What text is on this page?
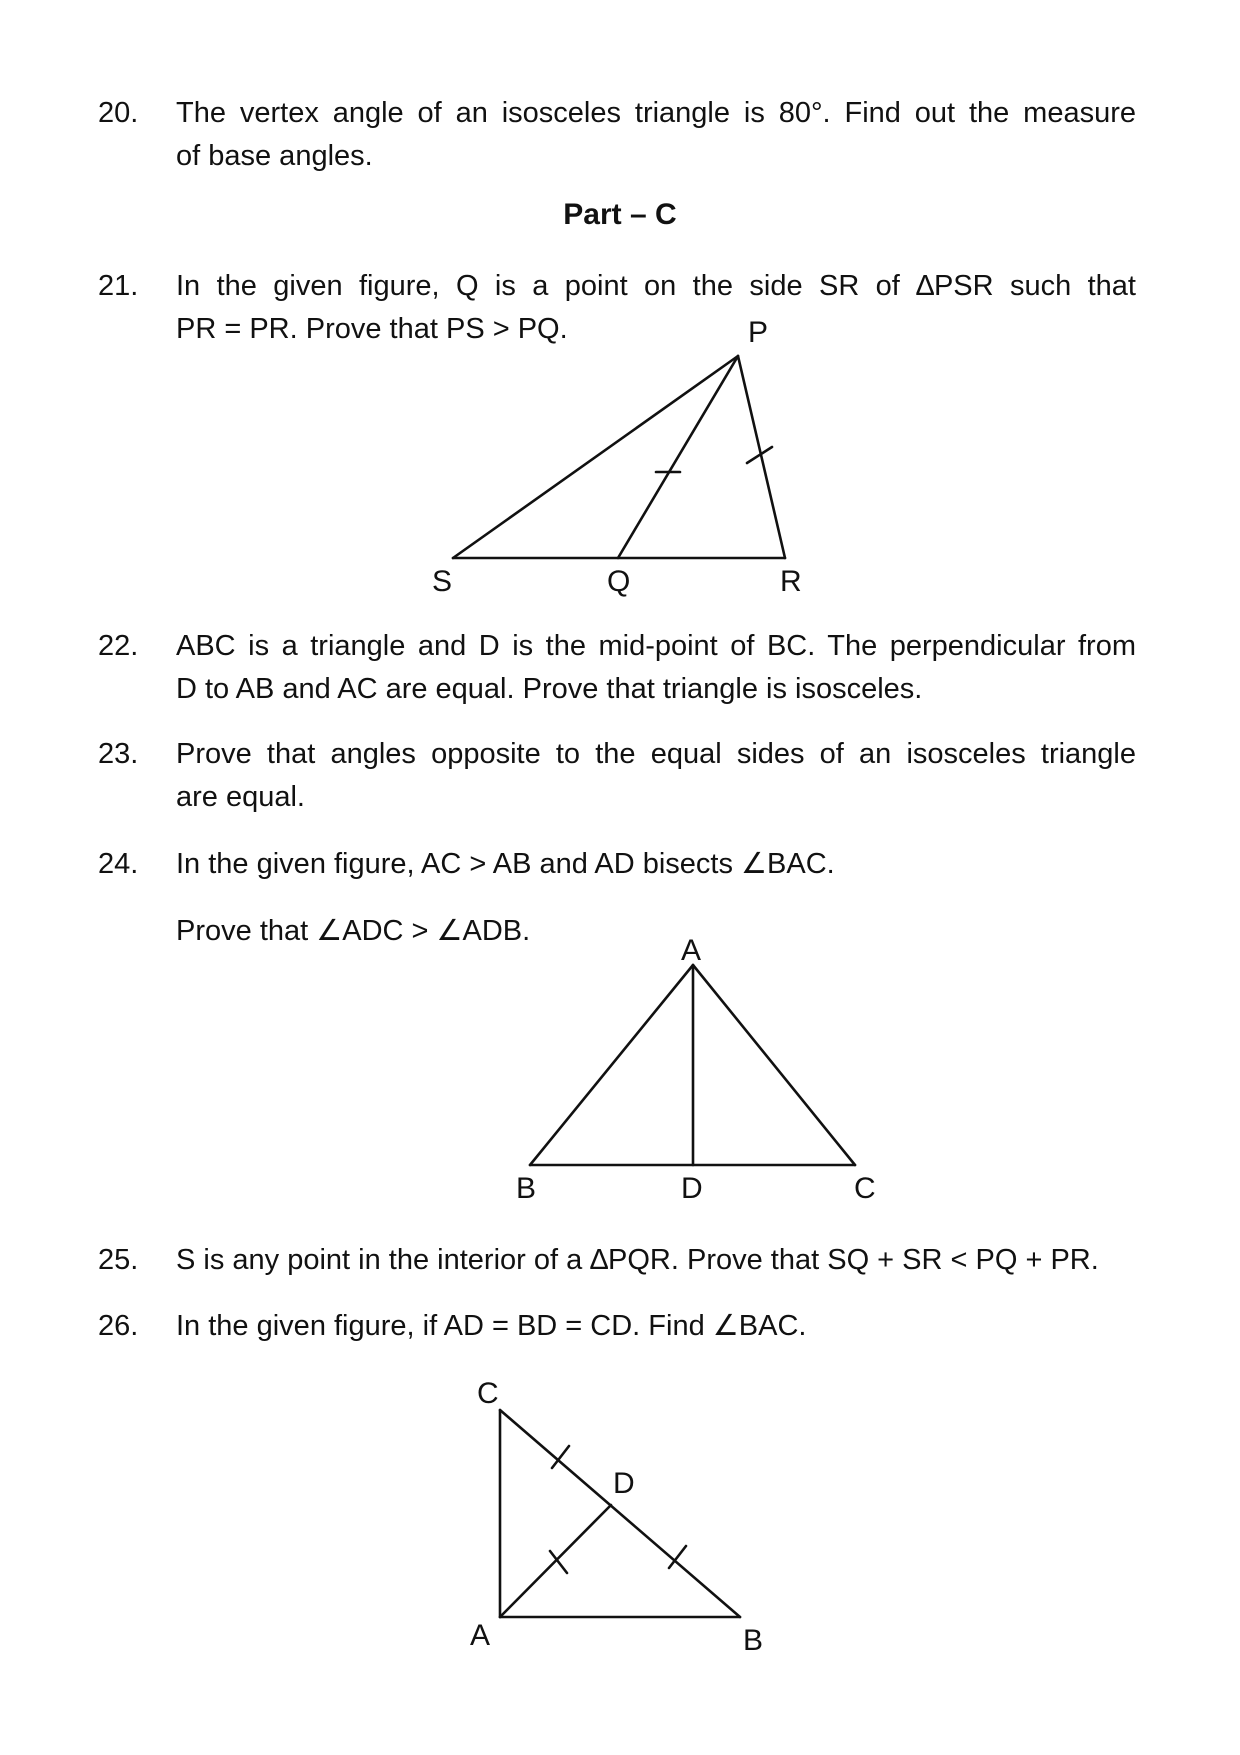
20. The vertex angle of an isosceles triangle is 80°. Find out the measure
of base angles.
Part – C
21. In the given figure, Q is a point on the side SR of ∆PSR such that
PR = PR. Prove that PS > PQ.	P
S	Q	R
22. ABC is a triangle and D is the mid-point of BC. The perpendicular from
D to AB and AC are equal. Prove that triangle is isosceles.
23. Prove that angles opposite to the equal sides of an isosceles triangle
are equal.
24. In the given figure, AC > AB and AD bisects ∠BAC.
Prove that ∠ADC > ∠ADB.
A
B	D	C
25. S is any point in the interior of a ∆PQR. Prove that SQ + SR < PQ + PR.
26. In the given figure, if AD = BD = CD. Find ∠BAC.
C
D
A	B
